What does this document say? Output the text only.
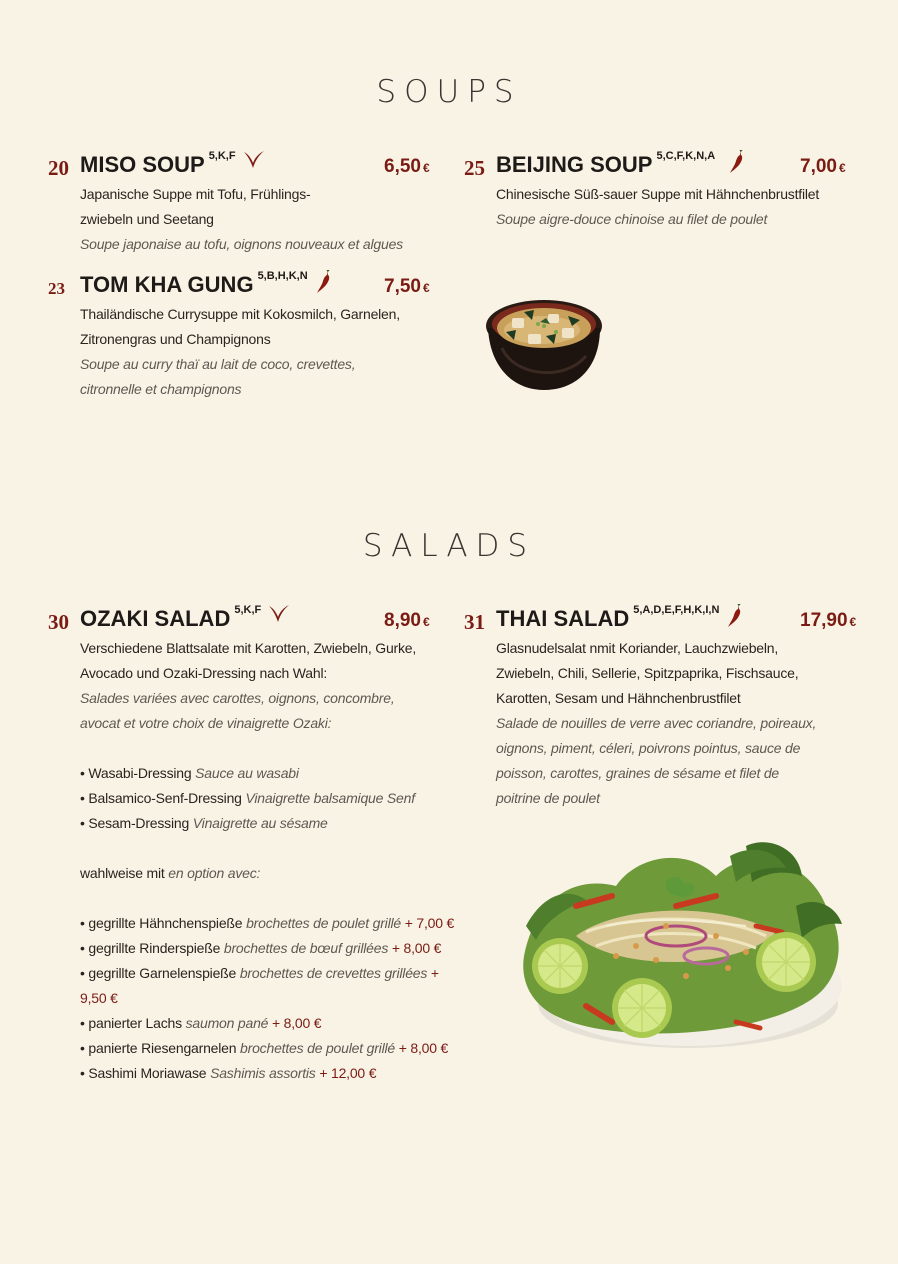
SOUPS
20 MISO SOUP $^{5,K,F}$	6,50 €
Japanische Suppe mit Tofu, Frühlings-
zwiebeln und Seetang
Soupe japonaise au tofu, oignons nouveaux et algues
25 BEIJING SOUP $^{5,C,F,K,N,A}$	7,00 €
Chinesische Süß-sauer Suppe mit Hähnchenbrustfilet
Soupe aigre-douce chinoise au filet de poulet
23 TOM KHA GUNG $^{5,B,H,K,N}$	7,50 €
Thailändische Currysuppe mit Kokosmilch, Garnelen,
Zitronengras und Champignons
Soupe au curry thaï au lait de coco, crevettes,
citronnelle et champignons
SALADS
30 OZAKI SALAD $^{5,K,F}$	8,90 €
Verschiedene Blattsalate mit Karotten, Zwiebeln, Gurke,
Avocado und Ozaki-Dressing nach Wahl:
Salades variées avec carottes, oignons, concombre,
avocat et votre choix de vinaigrette Ozaki:
• Wasabi-Dressing Sauce au wasabi
• Balsamico-Senf-Dressing Vinaigrette balsamique Senf
• Sesam-Dressing Vinaigrette au sésame
wahlweise mit en option avec:
• gegrillte Hähnchenspieße brochettes de poulet grillé + 7,00 €
• gegrillte Rinderspieße brochettes de bœuf grillées + 8,00 €
• gegrillte Garnelenspieße brochettes de crevettes grillées + 9,50 €
• panierter Lachs saumon pané + 8,00 €
• panierte Riesengarnelen brochettes de poulet grillé + 8,00 €
• Sashimi Moriawase Sashimis assortis + 12,00 €
31 THAI SALAD $^{5,A,D,E,F,H,K,I,N}$	17,90 €
Glasnudelsalat nmit Koriander, Lauchzwiebeln,
Zwiebeln, Chili, Sellerie, Spitzpaprika, Fischsauce,
Karotten, Sesam und Hähnchenbrustfilet
Salade de nouilles de verre avec coriandre, poireaux,
oignons, piment, céleri, poivrons pointus, sauce de
poisson, carottes, graines de sésame et filet de
poitrine de poulet
